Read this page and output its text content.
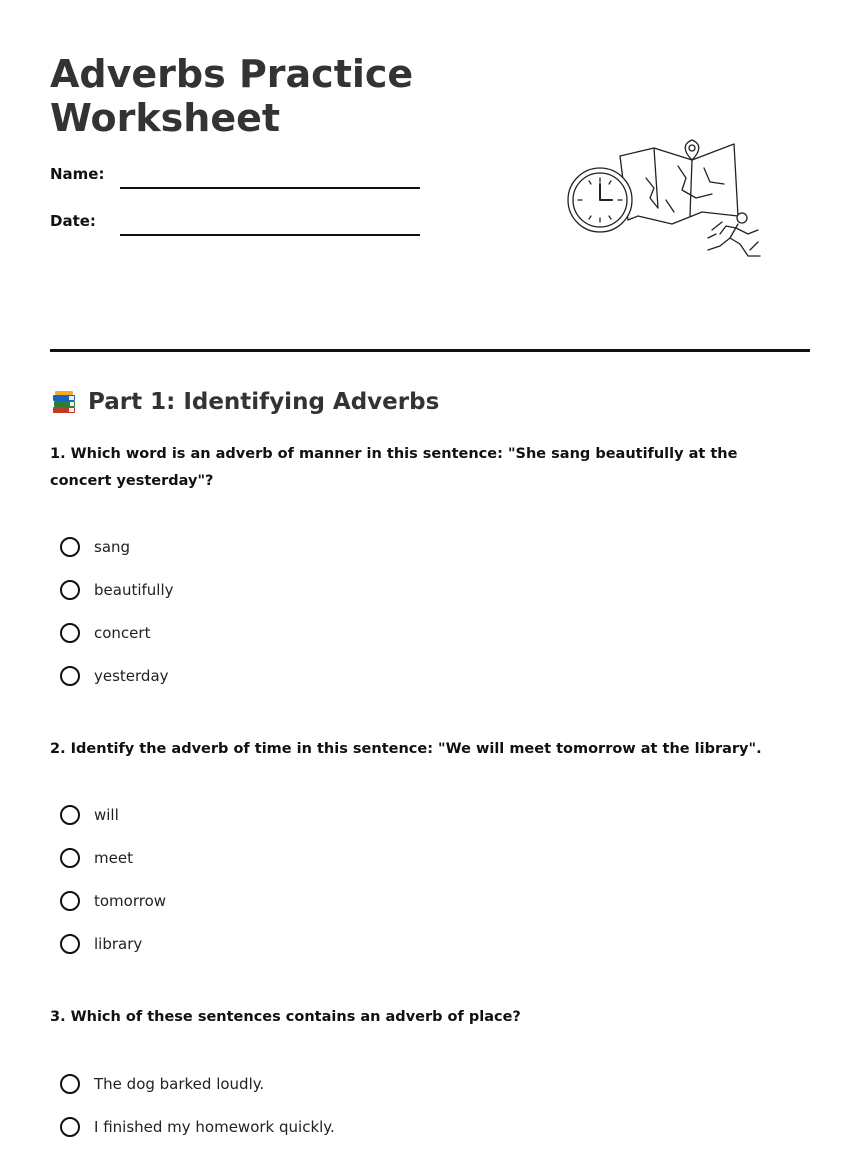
Adverbs Practice Worksheet
Name:
Date:
Part 1: Identifying Adverbs

1. Which word is an adverb of manner in this sentence: "She sang beautifully at the concert yesterday"?

sang
beautifully
concert
yesterday

2. Identify the adverb of time in this sentence: "We will meet tomorrow at the library".

will
meet
tomorrow
library

3. Which of these sentences contains an adverb of place?

The dog barked loudly.
I finished my homework quickly.
